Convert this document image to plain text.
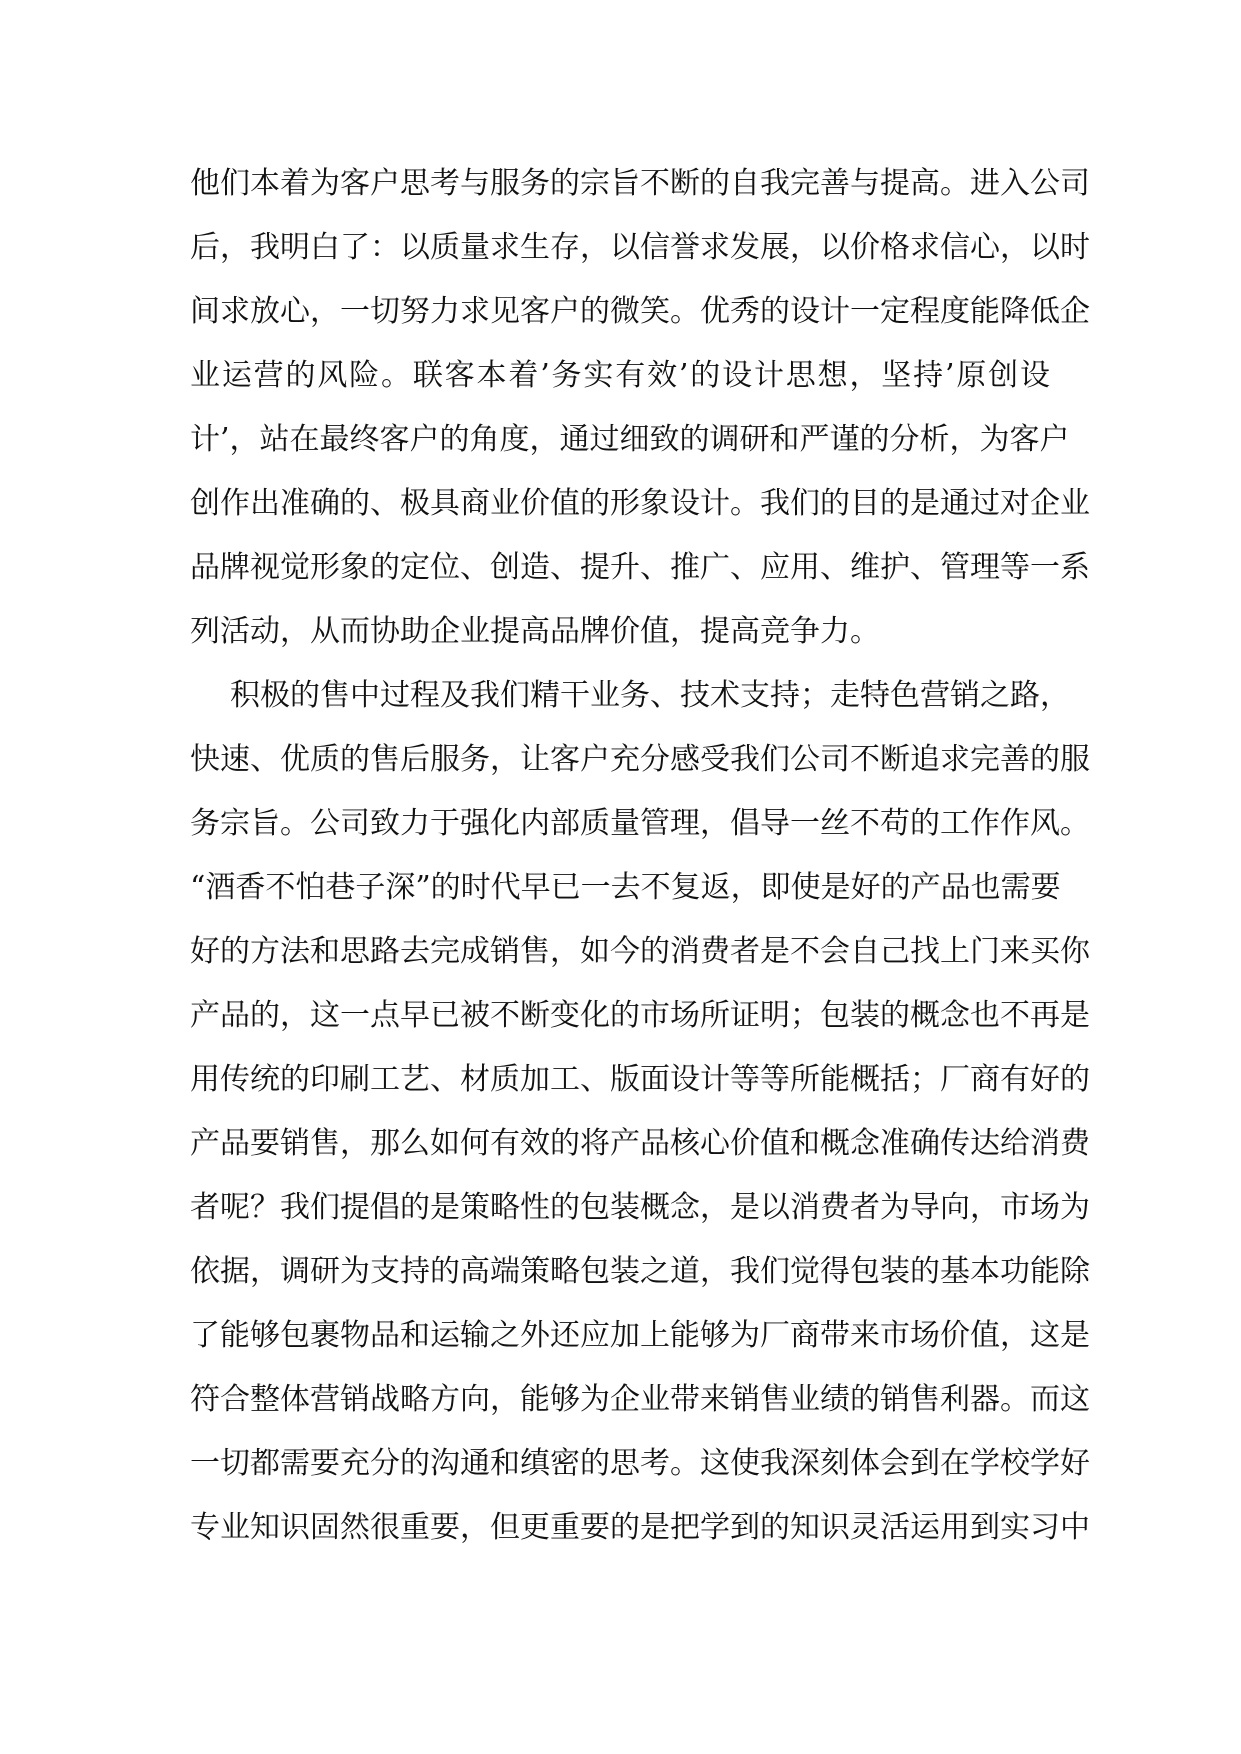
他们本着为客户思考与服务的宗旨不断的自我完善与提高。进入公司
后，我明白了：以质量求生存，以信誉求发展，以价格求信心，以时
间求放心，一切努力求见客户的微笑。优秀的设计一定程度能降低企
业运营的风险。联客本着’务实有效’的设计思想，坚持’原创设
计’，站在最终客户的角度，通过细致的调研和严谨的分析，为客户
创作出准确的、极具商业价值的形象设计。我们的目的是通过对企业
品牌视觉形象的定位、创造、提升、推广、应用、维护、管理等一系
列活动，从而协助企业提高品牌价值，提高竞争力。
积极的售中过程及我们精干业务、技术支持；走特色营销之路，
快速、优质的售后服务，让客户充分感受我们公司不断追求完善的服
务宗旨。公司致力于强化内部质量管理，倡导一丝不苟的工作作风。
“酒香不怕巷子深”的时代早已一去不复返，即使是好的产品也需要
好的方法和思路去完成销售，如今的消费者是不会自己找上门来买你
产品的，这一点早已被不断变化的市场所证明；包装的概念也不再是
用传统的印刷工艺、材质加工、版面设计等等所能概括；厂商有好的
产品要销售，那么如何有效的将产品核心价值和概念准确传达给消费
者呢？我们提倡的是策略性的包装概念，是以消费者为导向，市场为
依据，调研为支持的高端策略包装之道，我们觉得包装的基本功能除
了能够包裹物品和运输之外还应加上能够为厂商带来市场价值，这是
符合整体营销战略方向，能够为企业带来销售业绩的销售利器。而这
一切都需要充分的沟通和缜密的思考。这使我深刻体会到在学校学好
专业知识固然很重要，但更重要的是把学到的知识灵活运用到实习中
